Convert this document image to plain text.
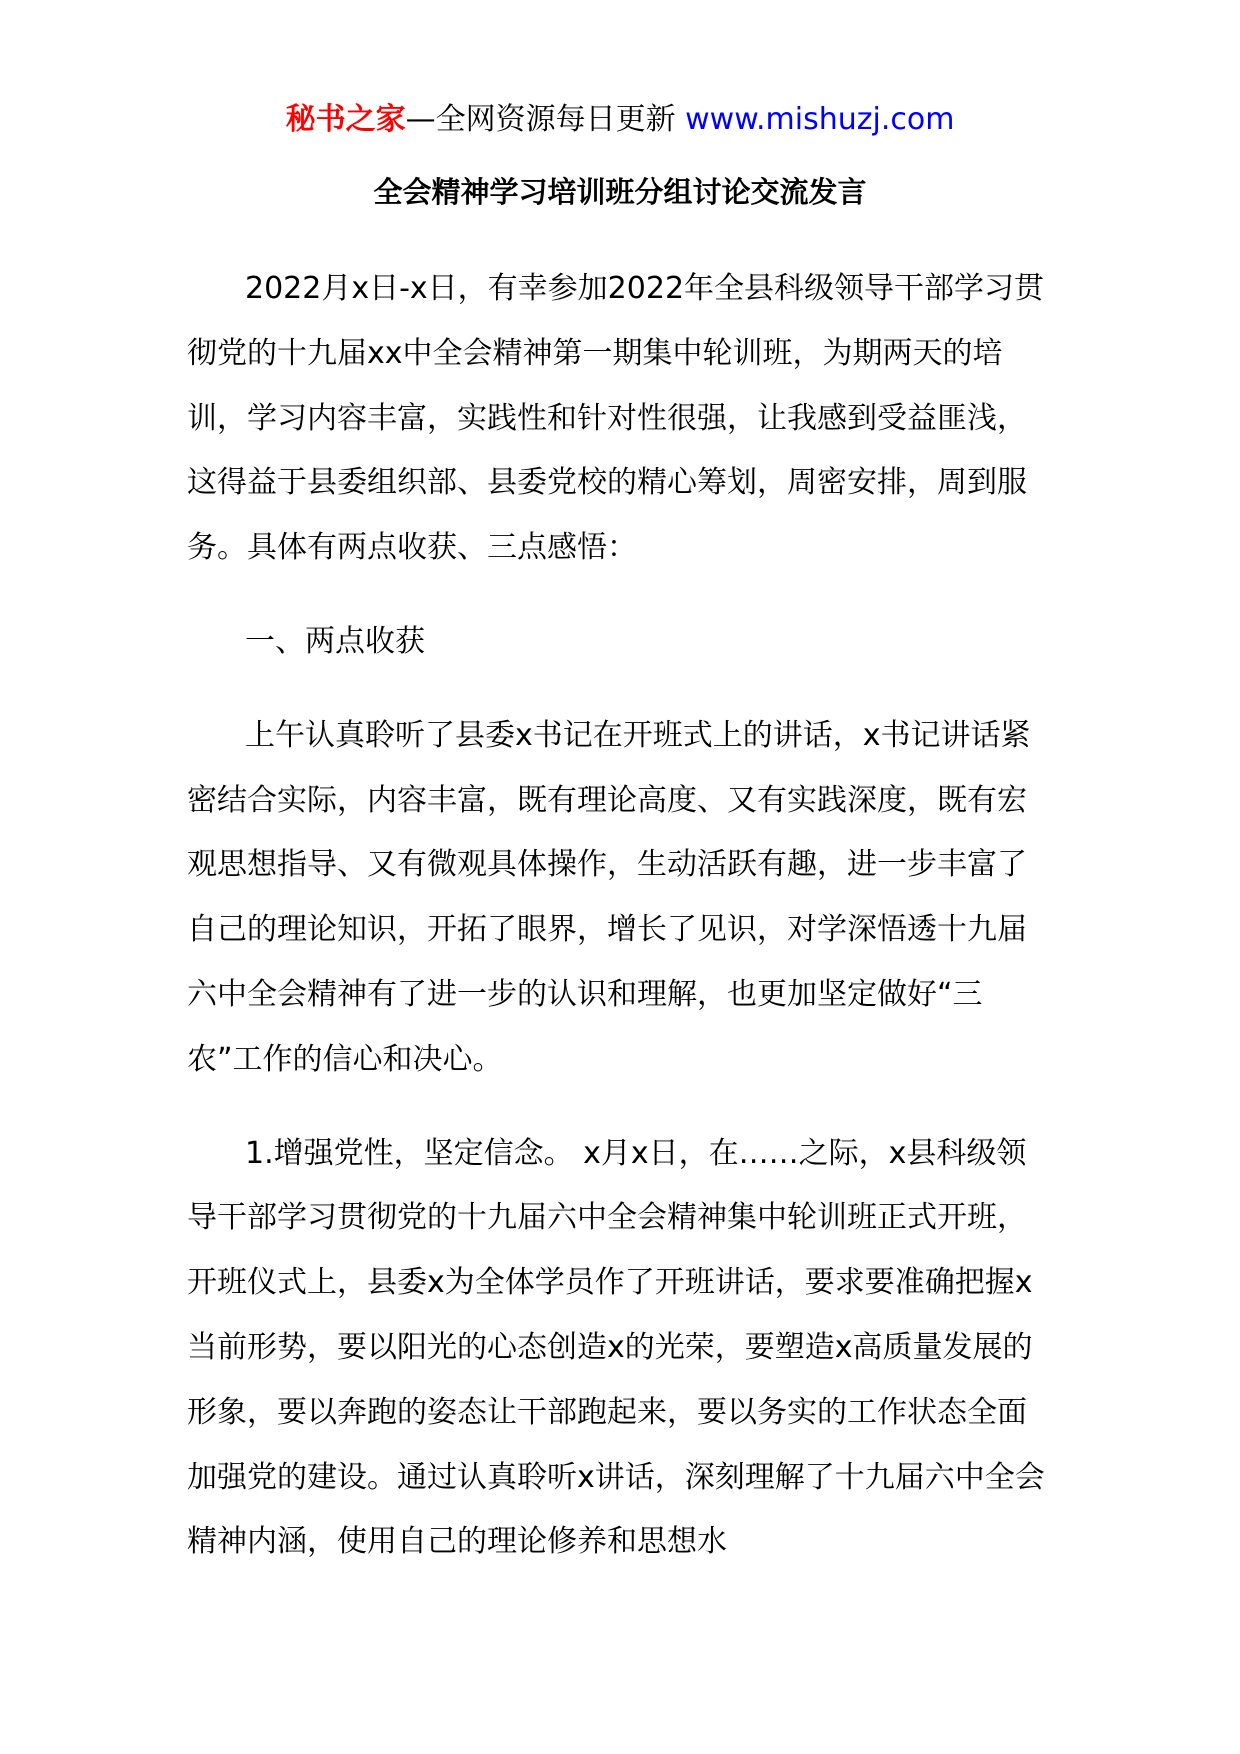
秘书之家—全网资源每日更新 www.mishuzj.com
全会精神学习培训班分组讨论交流发言

2022月x日-x日，有幸参加2022年全县科级领导干部学习贯彻党的十九届xx中全会精神第一期集中轮训班，为期两天的培训，学习内容丰富，实践性和针对性很强，让我感到受益匪浅，这得益于县委组织部、县委党校的精心筹划，周密安排，周到服务。具体有两点收获、三点感悟：

一、两点收获

上午认真聆听了县委x书记在开班式上的讲话，x书记讲话紧密结合实际，内容丰富，既有理论高度、又有实践深度，既有宏观思想指导、又有微观具体操作，生动活跃有趣，进一步丰富了自己的理论知识，开拓了眼界，增长了见识，对学深悟透十九届六中全会精神有了进一步的认识和理解，也更加坚定做好“三农”工作的信心和决心。

1.增强党性，坚定信念。 x月x日，在……之际，x县科级领导干部学习贯彻党的十九届六中全会精神集中轮训班正式开班，开班仪式上，县委x为全体学员作了开班讲话，要求要准确把握x当前形势，要以阳光的心态创造x的光荣，要塑造x高质量发展的形象，要以奔跑的姿态让干部跑起来，要以务实的工作状态全面加强党的建设。通过认真聆听x讲话，深刻理解了十九届六中全会精神内涵，使用自己的理论修养和思想水
